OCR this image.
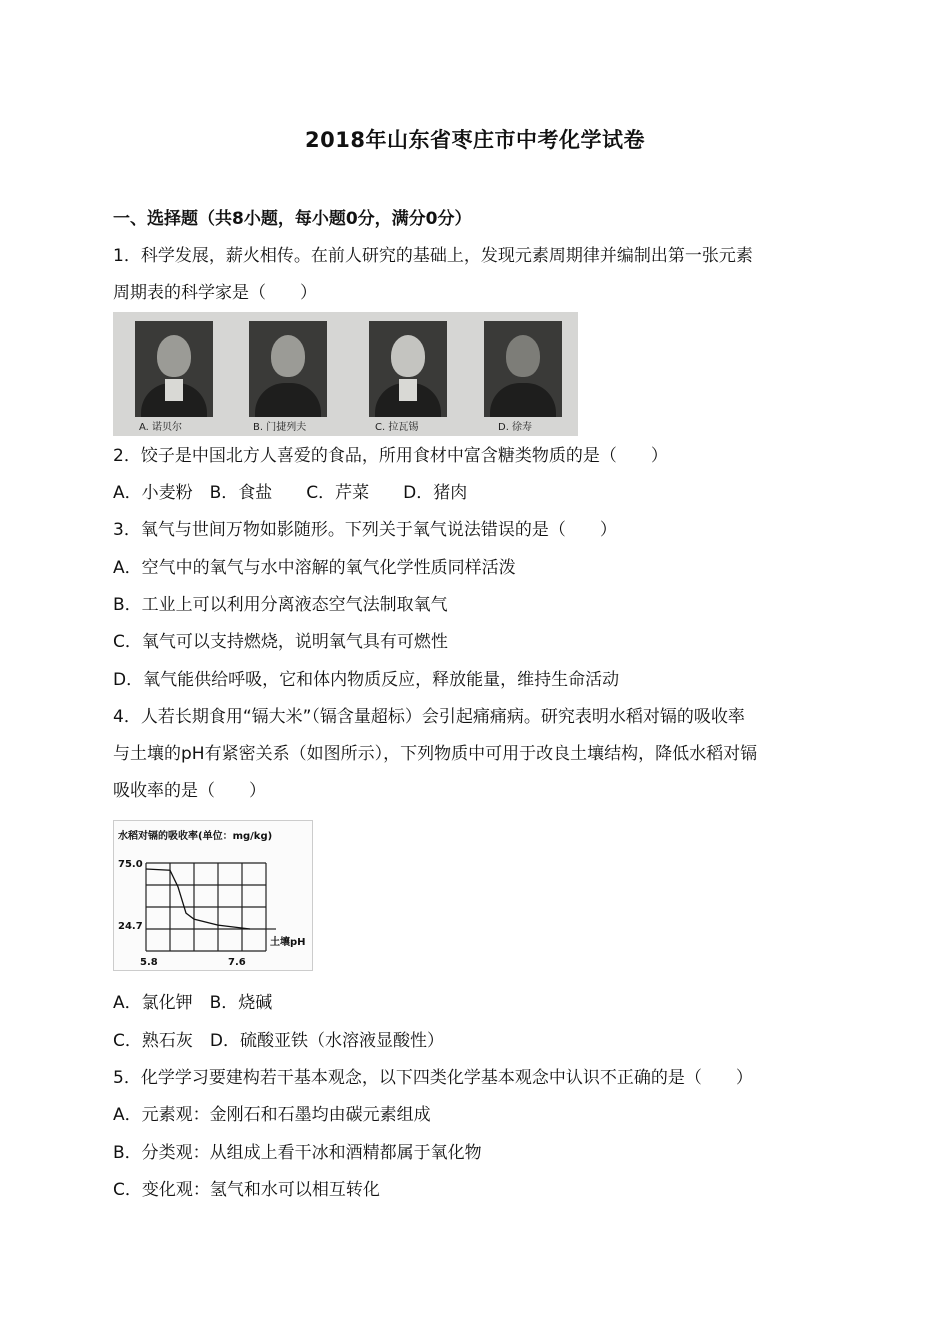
2018年山东省枣庄市中考化学试卷
一、选择题（共8小题，每小题0分，满分0分）
1．科学发展，薪火相传。在前人研究的基础上，发现元素周期律并编制出第一张元素
周期表的科学家是（　　）
A. 诺贝尔	B. 门捷列夫	C. 拉瓦锡	D. 徐寿
2．饺子是中国北方人喜爱的食品，所用食材中富含糖类物质的是（　　）
A．小麦粉　B．食盐　　C．芹菜　　D．猪肉
3．氧气与世间万物如影随形。下列关于氧气说法错误的是（　　）
A．空气中的氧气与水中溶解的氧气化学性质同样活泼
B．工业上可以利用分离液态空气法制取氧气
C．氧气可以支持燃烧，说明氧气具有可燃性
D．氧气能供给呼吸，它和体内物质反应，释放能量，维持生命活动
4．人若长期食用“镉大米”（镉含量超标）会引起痛痛病。研究表明水稻对镉的吸收率
与土壤的pH有紧密关系（如图所示），下列物质中可用于改良土壤结构，降低水稻对镉
吸收率的是（　　）
水稻对镉的吸收率(单位：mg/kg)
75.0
24.7
5.8	7.6
土壤pH
A．氯化钾　B．烧碱
C．熟石灰　D．硫酸亚铁（水溶液显酸性）
5．化学学习要建构若干基本观念，以下四类化学基本观念中认识不正确的是（　　）
A．元素观：金刚石和石墨均由碳元素组成
B．分类观：从组成上看干冰和酒精都属于氧化物
C．变化观：氢气和水可以相互转化
